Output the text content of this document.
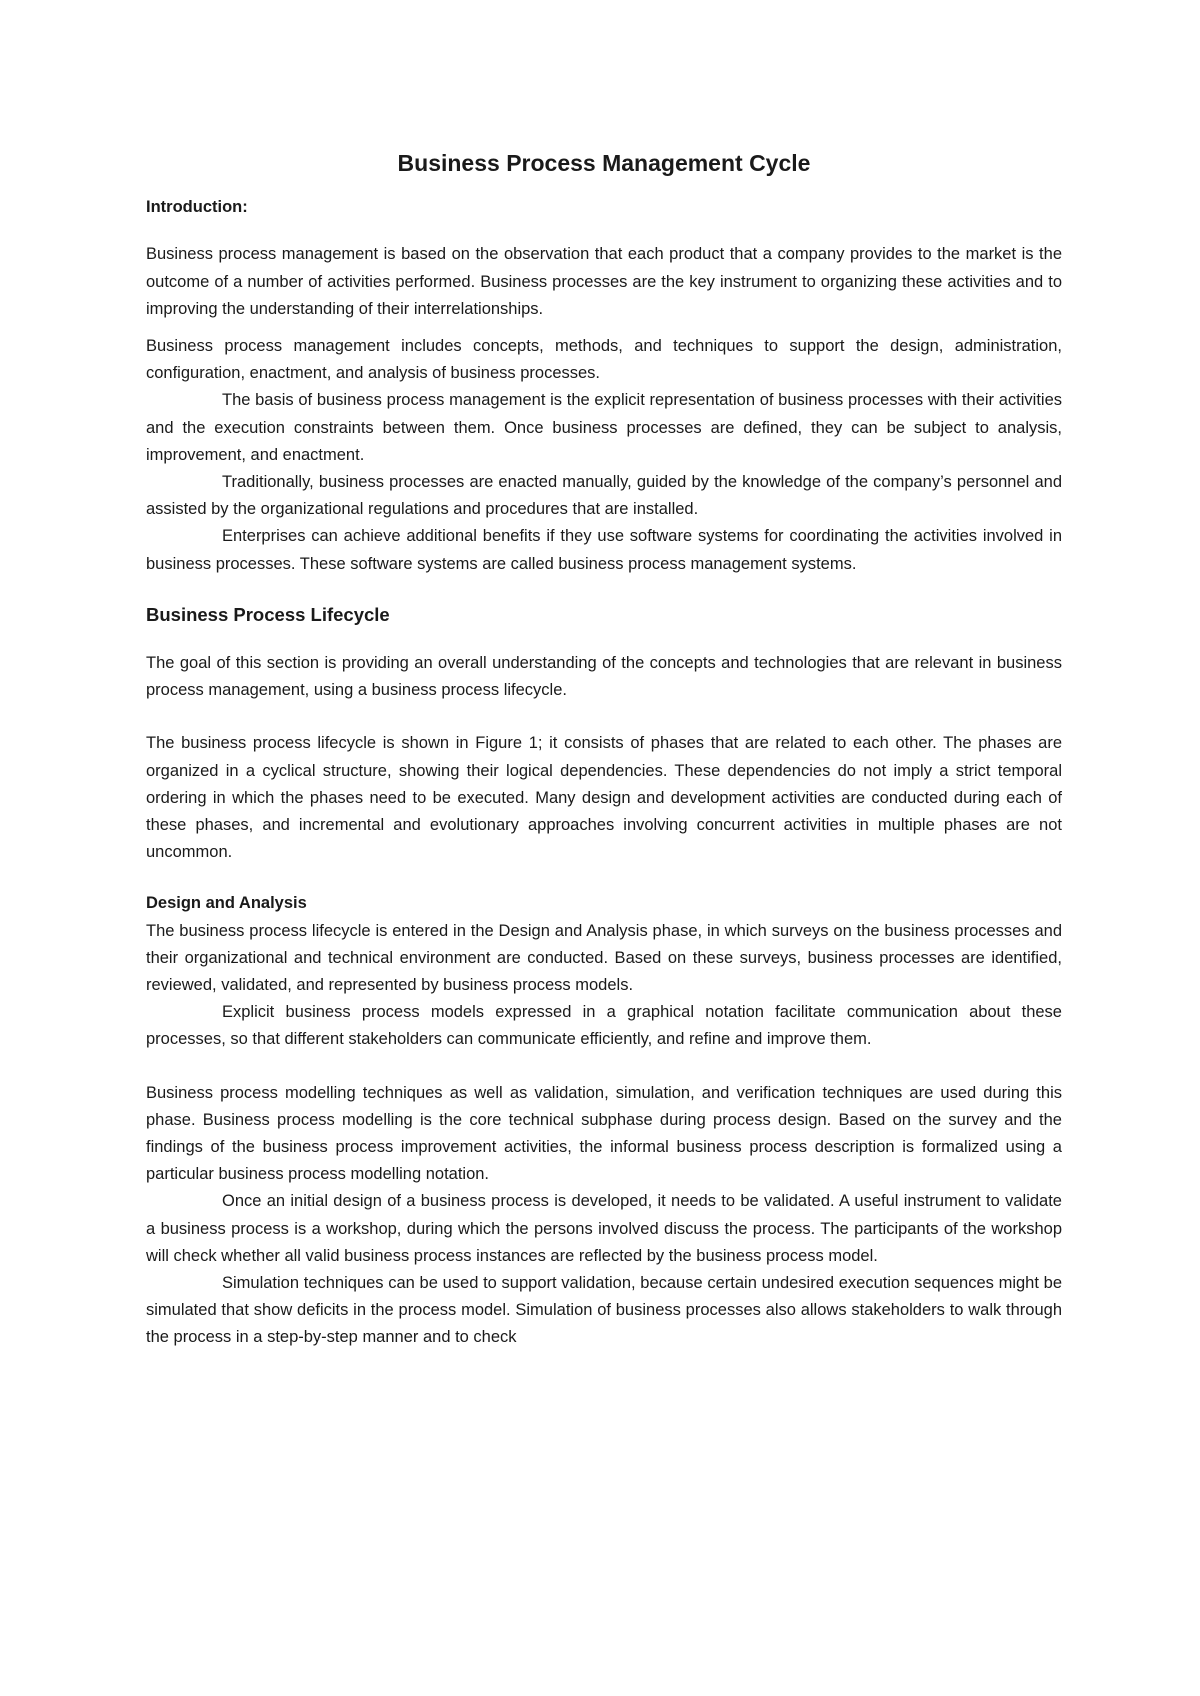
Business Process Management Cycle
Introduction:

Business process management is based on the observation that each product that a company provides to the market is the outcome of a number of activities performed. Business processes are the key instrument to organizing these activities and to improving the understanding of their interrelationships.

Business process management includes concepts, methods, and techniques to support the design, administration, configuration, enactment, and analysis of business processes.

The basis of business process management is the explicit representation of business processes with their activities and the execution constraints between them. Once business processes are defined, they can be subject to analysis, improvement, and enactment.

Traditionally, business processes are enacted manually, guided by the knowledge of the company’s personnel and assisted by the organizational regulations and procedures that are installed.

Enterprises can achieve additional benefits if they use software systems for coordinating the activities involved in business processes. These software systems are called business process management systems.

Business Process Lifecycle

The goal of this section is providing an overall understanding of the concepts and technologies that are relevant in business process management, using a business process lifecycle.

The business process lifecycle is shown in Figure 1; it consists of phases that are related to each other. The phases are organized in a cyclical structure, showing their logical dependencies. These dependencies do not imply a strict temporal ordering in which the phases need to be executed. Many design and development activities are conducted during each of these phases, and incremental and evolutionary approaches involving concurrent activities in multiple phases are not uncommon.

Design and Analysis

The business process lifecycle is entered in the Design and Analysis phase, in which surveys on the business processes and their organizational and technical environment are conducted. Based on these surveys, business processes are identified, reviewed, validated, and represented by business process models.

Explicit business process models expressed in a graphical notation facilitate communication about these processes, so that different stakeholders can communicate efficiently, and refine and improve them.

Business process modelling techniques as well as validation, simulation, and verification techniques are used during this phase. Business process modelling is the core technical subphase during process design. Based on the survey and the findings of the business process improvement activities, the informal business process description is formalized using a particular business process modelling notation.

Once an initial design of a business process is developed, it needs to be validated. A useful instrument to validate a business process is a workshop, during which the persons involved discuss the process. The participants of the workshop will check whether all valid business process instances are reflected by the business process model.

Simulation techniques can be used to support validation, because certain undesired execution sequences might be simulated that show deficits in the process model. Simulation of business processes also allows stakeholders to walk through the process in a step-by-step manner and to check
